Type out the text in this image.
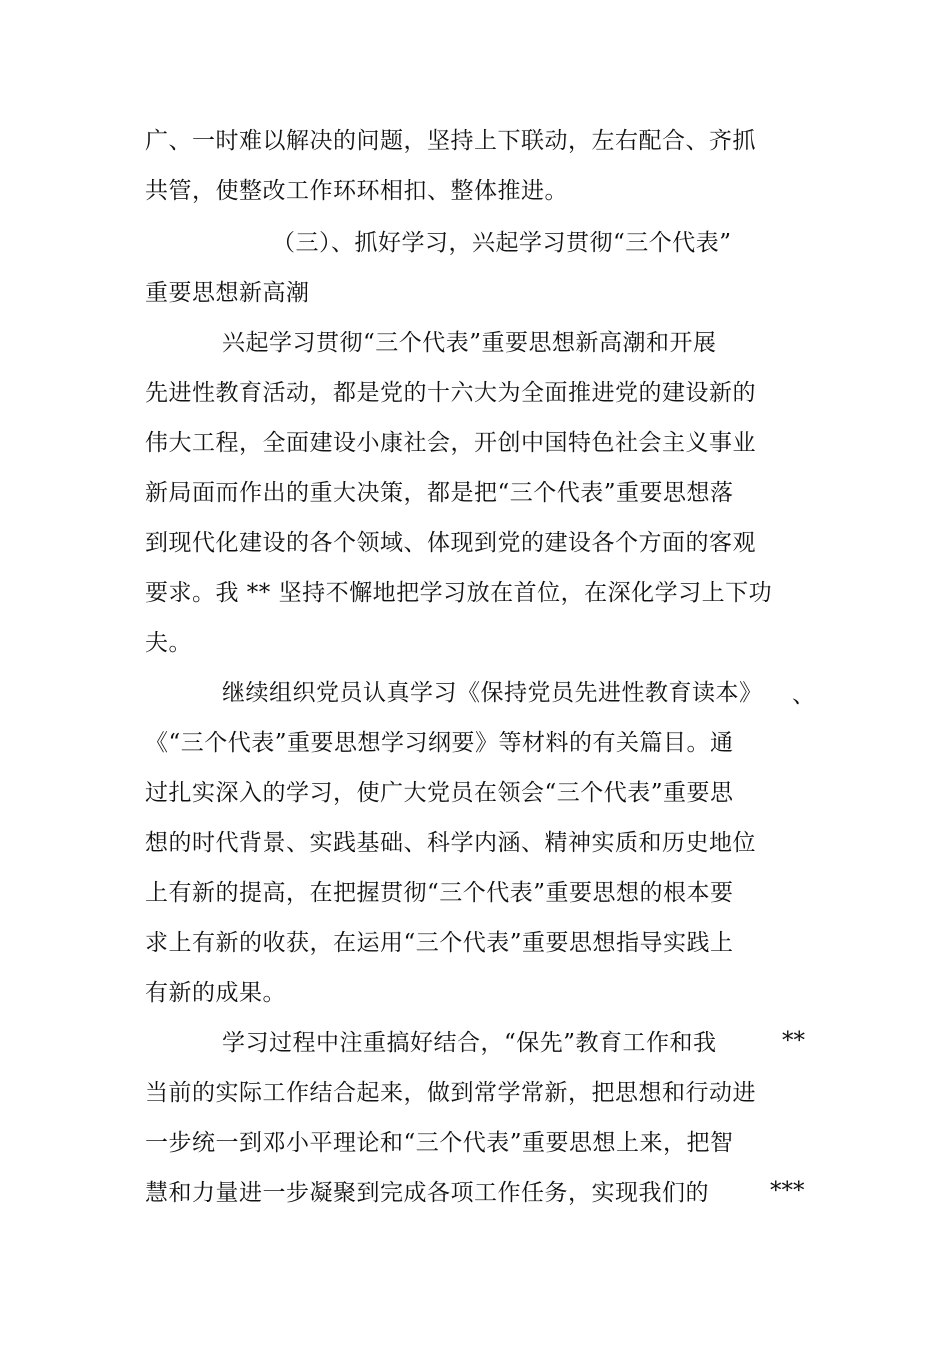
广、一时难以解决的问题，坚持上下联动，左右配合、齐抓
共管，使整改工作环环相扣、整体推进。
（三）、抓好学习，兴起学习贯彻“三个代表”
重要思想新高潮
兴起学习贯彻“三个代表”重要思想新高潮和开展
先进性教育活动，都是党的十六大为全面推进党的建设新的
伟大工程，全面建设小康社会，开创中国特色社会主义事业
新局面而作出的重大决策，都是把“三个代表”重要思想落
到现代化建设的各个领域、体现到党的建设各个方面的客观
要求。我 ** 坚持不懈地把学习放在首位，在深化学习上下功
夫。
继续组织党员认真学习《保持党员先进性教育读本》 、
《“三个代表”重要思想学习纲要》等材料的有关篇目。通
过扎实深入的学习，使广大党员在领会“三个代表”重要思
想的时代背景、实践基础、科学内涵、精神实质和历史地位
上有新的提高，在把握贯彻“三个代表”重要思想的根本要
求上有新的收获，在运用“三个代表”重要思想指导实践上
有新的成果。
学习过程中注重搞好结合，“保先”教育工作和我	**
当前的实际工作结合起来，做到常学常新，把思想和行动进
一步统一到邓小平理论和“三个代表”重要思想上来，把智
慧和力量进一步凝聚到完成各项工作任务，实现我们的	***
